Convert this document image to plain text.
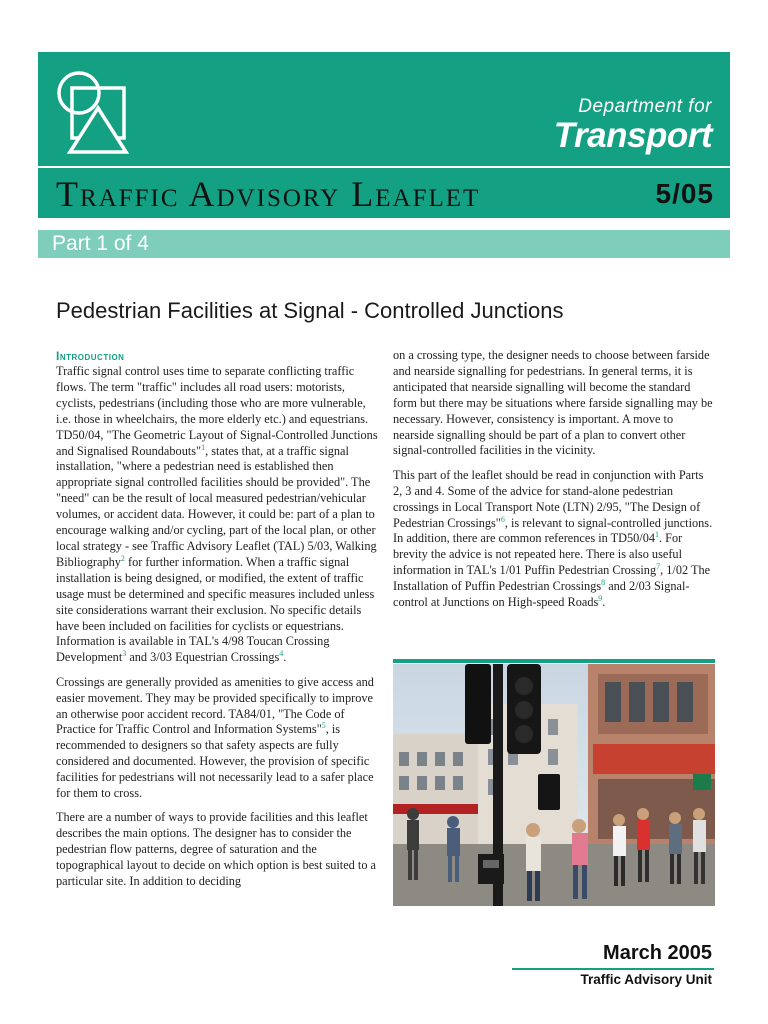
Department for
Transport
Traffic Advisory Leaflet	5/05
Part 1 of 4
Pedestrian Facilities at Signal - Controlled Junctions
Introduction

Traffic signal control uses time to separate conflicting traffic flows. The term "traffic" includes all road users: motorists, cyclists, pedestrians (including those who are more vulnerable, i.e. those in wheelchairs, the more elderly etc.) and equestrians. TD50/04, "The Geometric Layout of Signal-Controlled Junctions and Signalised Roundabouts"$^1$, states that, at a traffic signal installation, "where a pedestrian need is established then appropriate signal controlled facilities should be provided". The "need" can be the result of local measured pedestrian/vehicular volumes, or accident data. However, it could be: part of a plan to encourage walking and/or cycling, part of the local plan, or other local strategy - see Traffic Advisory Leaflet (TAL) 5/03, Walking Bibliography$^2$ for further information. When a traffic signal installation is being designed, or modified, the extent of traffic usage must be determined and specific measures included unless site considerations warrant their exclusion. No specific details have been included on facilities for cyclists or equestrians. Information is available in TAL's 4/98 Toucan Crossing Development$^3$ and 3/03 Equestrian Crossings$^4$.

Crossings are generally provided as amenities to give access and easier movement. They may be provided specifically to improve an otherwise poor accident record. TA84/01, "The Code of Practice for Traffic Control and Information Systems"$^5$, is recommended to designers so that safety aspects are fully considered and documented. However, the provision of specific facilities for pedestrians will not necessarily lead to a safer place for them to cross.

There are a number of ways to provide facilities and this leaflet describes the main options. The designer has to consider the pedestrian flow patterns, degree of saturation and the topographical layout to decide on which option is best suited to a particular site. In addition to deciding

on a crossing type, the designer needs to choose between farside and nearside signalling for pedestrians. In general terms, it is anticipated that nearside signalling will become the standard form but there may be situations where farside signalling may be necessary. However, consistency is important. A move to nearside signalling should be part of a plan to convert other signal-controlled facilities in the vicinity.

This part of the leaflet should be read in conjunction with Parts 2, 3 and 4. Some of the advice for stand-alone pedestrian crossings in Local Transport Note (LTN) 2/95, "The Design of Pedestrian Crossings"$^6$, is relevant to signal-controlled junctions. In addition, there are common references in TD50/04$^1$. For brevity the advice is not repeated here. There is also useful information in TAL's 1/01 Puffin Pedestrian Crossing$^7$, 1/02 The Installation of Puffin Pedestrian Crossings$^8$ and 2/03 Signal-control at Junctions on High-speed Roads$^9$.

March 2005
Traffic Advisory Unit
